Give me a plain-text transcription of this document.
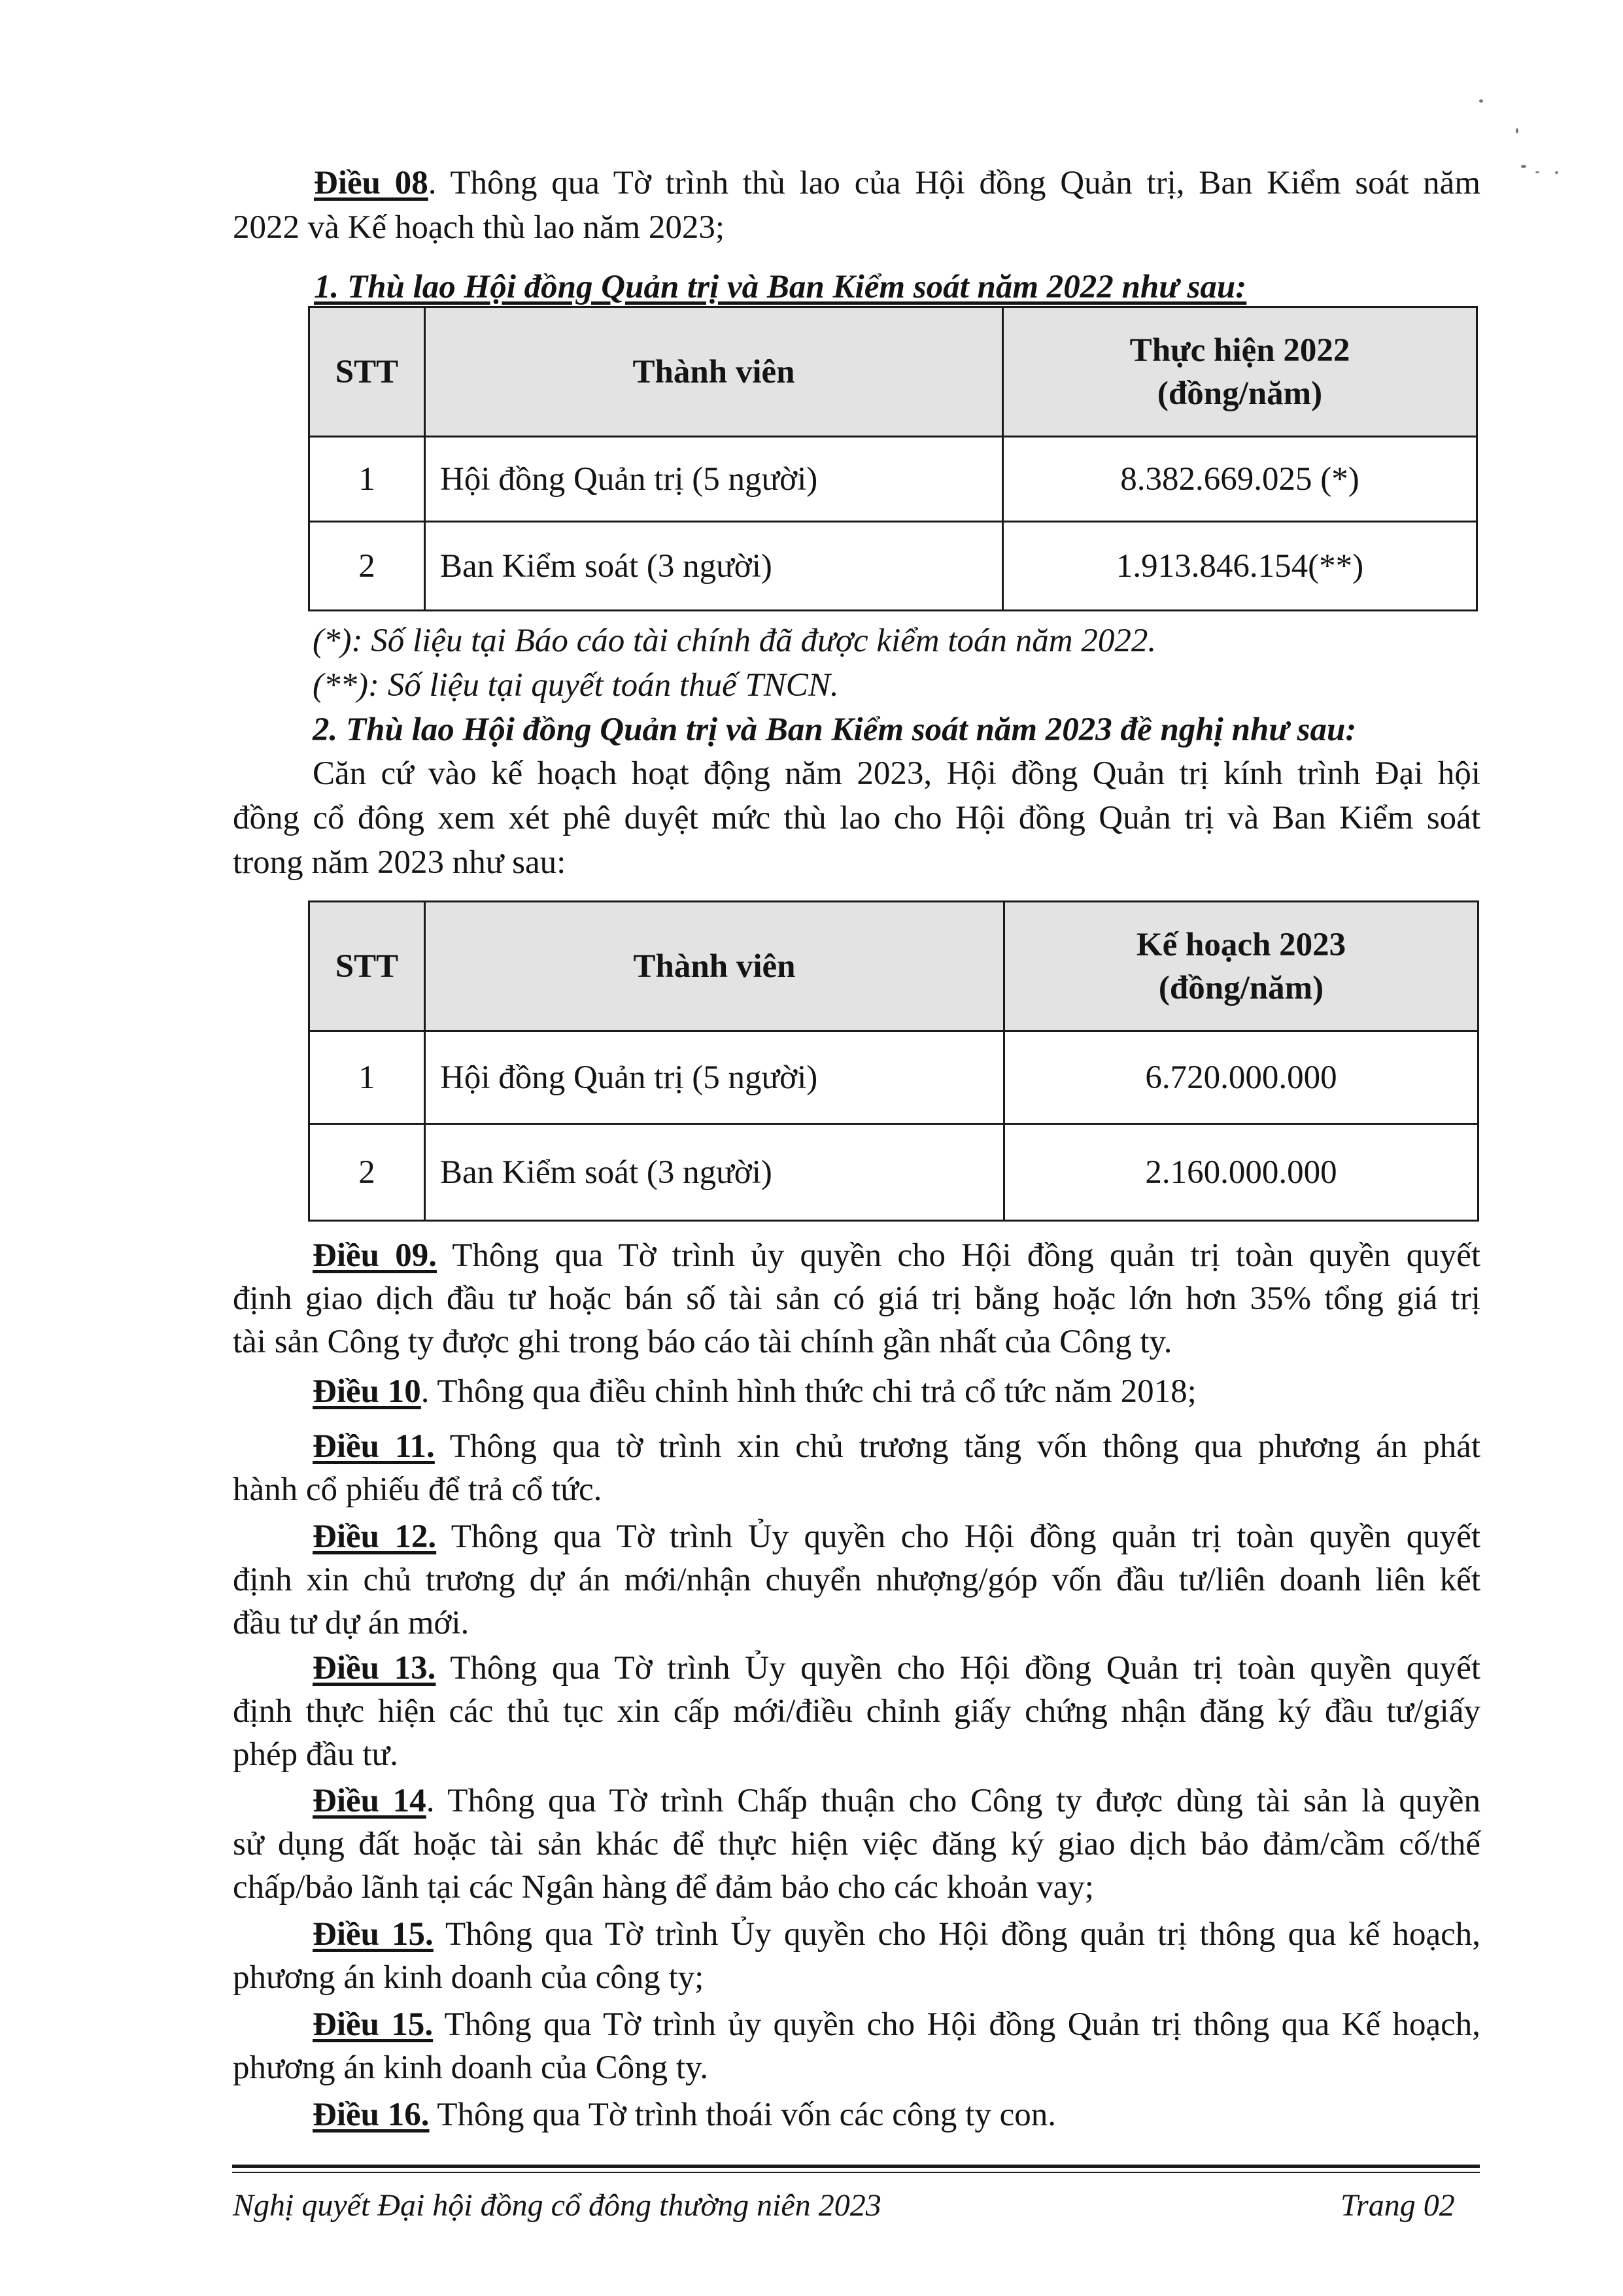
Điều 08. Thông qua Tờ trình thù lao của Hội đồng Quản trị, Ban Kiểm soát năm
2022 và Kế hoạch thù lao năm 2023;
1. Thù lao Hội đồng Quản trị và Ban Kiểm soát năm 2022 như sau:
STT	Thành viên	Thực hiện 2022
(đồng/năm)

1	Hội đồng Quản trị (5 người)	8.382.669.025 (*)
2	Ban Kiểm soát (3 người)	1.913.846.154(**)
(*): Số liệu tại Báo cáo tài chính đã được kiểm toán năm 2022.
(**): Số liệu tại quyết toán thuế TNCN.
2. Thù lao Hội đồng Quản trị và Ban Kiểm soát năm 2023 đề nghị như sau:
Căn cứ vào kế hoạch hoạt động năm 2023, Hội đồng Quản trị kính trình Đại hội
đồng cổ đông xem xét phê duyệt mức thù lao cho Hội đồng Quản trị và Ban Kiểm soát
trong năm 2023 như sau:
STT	Thành viên	Kế hoạch 2023
(đồng/năm)

1	Hội đồng Quản trị (5 người)	6.720.000.000
2	Ban Kiểm soát (3 người)	2.160.000.000
Điều 09. Thông qua Tờ trình ủy quyền cho Hội đồng quản trị toàn quyền quyết
định giao dịch đầu tư hoặc bán số tài sản có giá trị bằng hoặc lớn hơn 35% tổng giá trị
tài sản Công ty được ghi trong báo cáo tài chính gần nhất của Công ty.
Điều 10. Thông qua điều chỉnh hình thức chi trả cổ tức năm 2018;
Điều 11. Thông qua tờ trình xin chủ trương tăng vốn thông qua phương án phát
hành cổ phiếu để trả cổ tức.
Điều 12. Thông qua Tờ trình Ủy quyền cho Hội đồng quản trị toàn quyền quyết
định xin chủ trương dự án mới/nhận chuyển nhượng/góp vốn đầu tư/liên doanh liên kết
đầu tư dự án mới.
Điều 13. Thông qua Tờ trình Ủy quyền cho Hội đồng Quản trị toàn quyền quyết
định thực hiện các thủ tục xin cấp mới/điều chỉnh giấy chứng nhận đăng ký đầu tư/giấy
phép đầu tư.
Điều 14. Thông qua Tờ trình Chấp thuận cho Công ty được dùng tài sản là quyền
sử dụng đất hoặc tài sản khác để thực hiện việc đăng ký giao dịch bảo đảm/cầm cố/thế
chấp/bảo lãnh tại các Ngân hàng để đảm bảo cho các khoản vay;
Điều 15. Thông qua Tờ trình Ủy quyền cho Hội đồng quản trị thông qua kế hoạch,
phương án kinh doanh của công ty;
Điều 15. Thông qua Tờ trình ủy quyền cho Hội đồng Quản trị thông qua Kế hoạch,
phương án kinh doanh của Công ty.
Điều 16. Thông qua Tờ trình thoái vốn các công ty con.
Nghị quyết Đại hội đồng cổ đông thường niên 2023	Trang 02
